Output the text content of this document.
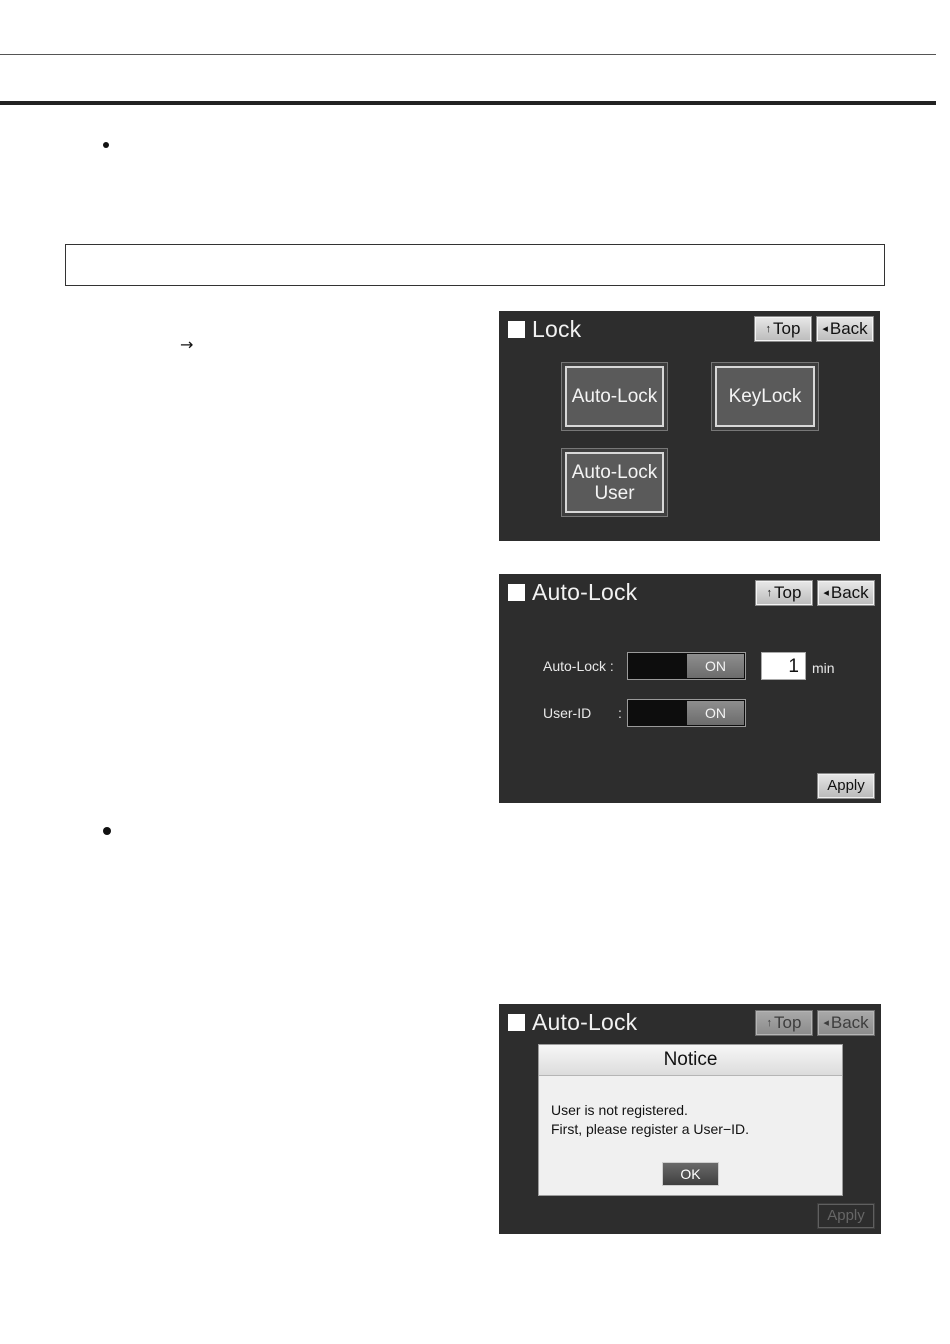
→
Lock	↑ Top ◂ Back
Auto-Lock	KeyLock
Auto-Lock
User
Auto-Lock	↑ Top ◂ Back
Auto-Lock :	ON	1 min
User-ID :	ON
Apply
Auto-Lock	↑ Top ◂ Back
Notice
User is not registered.
First, please register a User−ID.
OK
Apply
